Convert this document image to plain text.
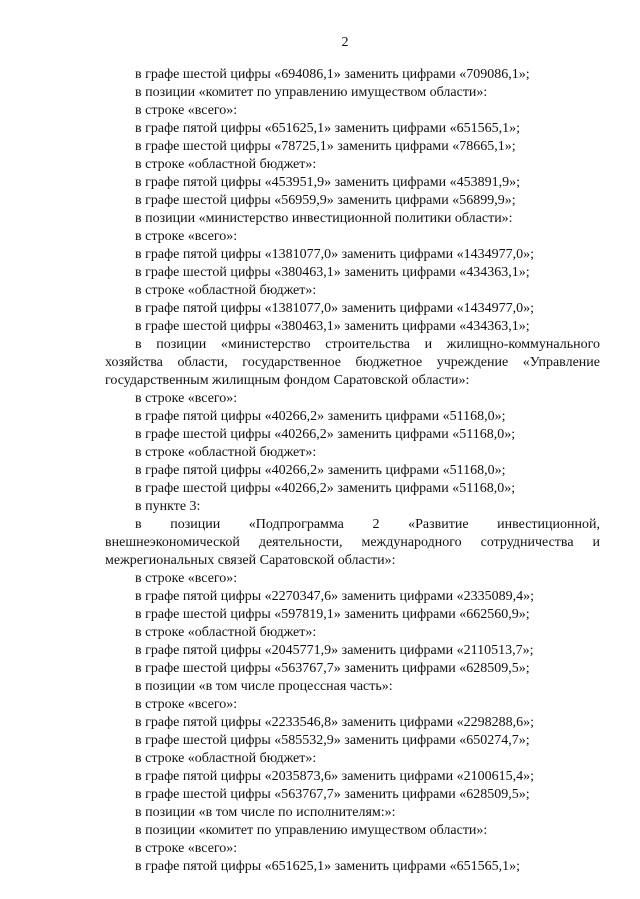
2
в графе шестой цифры «694086,1» заменить цифрами «709086,1»;
в позиции «комитет по управлению имуществом области»:
в строке «всего»:
в графе пятой цифры «651625,1» заменить цифрами «651565,1»;
в графе шестой цифры «78725,1» заменить цифрами «78665,1»;
в строке «областной бюджет»:
в графе пятой цифры «453951,9» заменить цифрами «453891,9»;
в графе шестой цифры «56959,9» заменить цифрами «56899,9»;
в позиции «министерство инвестиционной политики области»:
в строке «всего»:
в графе пятой цифры «1381077,0» заменить цифрами «1434977,0»;
в графе шестой цифры «380463,1» заменить цифрами «434363,1»;
в строке «областной бюджет»:
в графе пятой цифры «1381077,0» заменить цифрами «1434977,0»;
в графе шестой цифры «380463,1» заменить цифрами «434363,1»;
в позиции «министерство строительства и жилищно-коммунального хозяйства области, государственное бюджетное учреждение «Управление государственным жилищным фондом Саратовской области»:
в строке «всего»:
в графе пятой цифры «40266,2» заменить цифрами «51168,0»;
в графе шестой цифры «40266,2» заменить цифрами «51168,0»;
в строке «областной бюджет»:
в графе пятой цифры «40266,2» заменить цифрами «51168,0»;
в графе шестой цифры «40266,2» заменить цифрами «51168,0»;
в пункте 3:
в позиции «Подпрограмма 2 «Развитие инвестиционной, внешнеэкономической деятельности, международного сотрудничества и межрегиональных связей Саратовской области»:
в строке «всего»:
в графе пятой цифры «2270347,6» заменить цифрами «2335089,4»;
в графе шестой цифры «597819,1» заменить цифрами «662560,9»;
в строке «областной бюджет»:
в графе пятой цифры «2045771,9» заменить цифрами «2110513,7»;
в графе шестой цифры «563767,7» заменить цифрами «628509,5»;
в позиции «в том числе процессная часть»:
в строке «всего»:
в графе пятой цифры «2233546,8» заменить цифрами «2298288,6»;
в графе шестой цифры «585532,9» заменить цифрами «650274,7»;
в строке «областной бюджет»:
в графе пятой цифры «2035873,6» заменить цифрами «2100615,4»;
в графе шестой цифры «563767,7» заменить цифрами «628509,5»;
в позиции «в том числе по исполнителям:»:
в позиции «комитет по управлению имуществом области»:
в строке «всего»:
в графе пятой цифры «651625,1» заменить цифрами «651565,1»;
